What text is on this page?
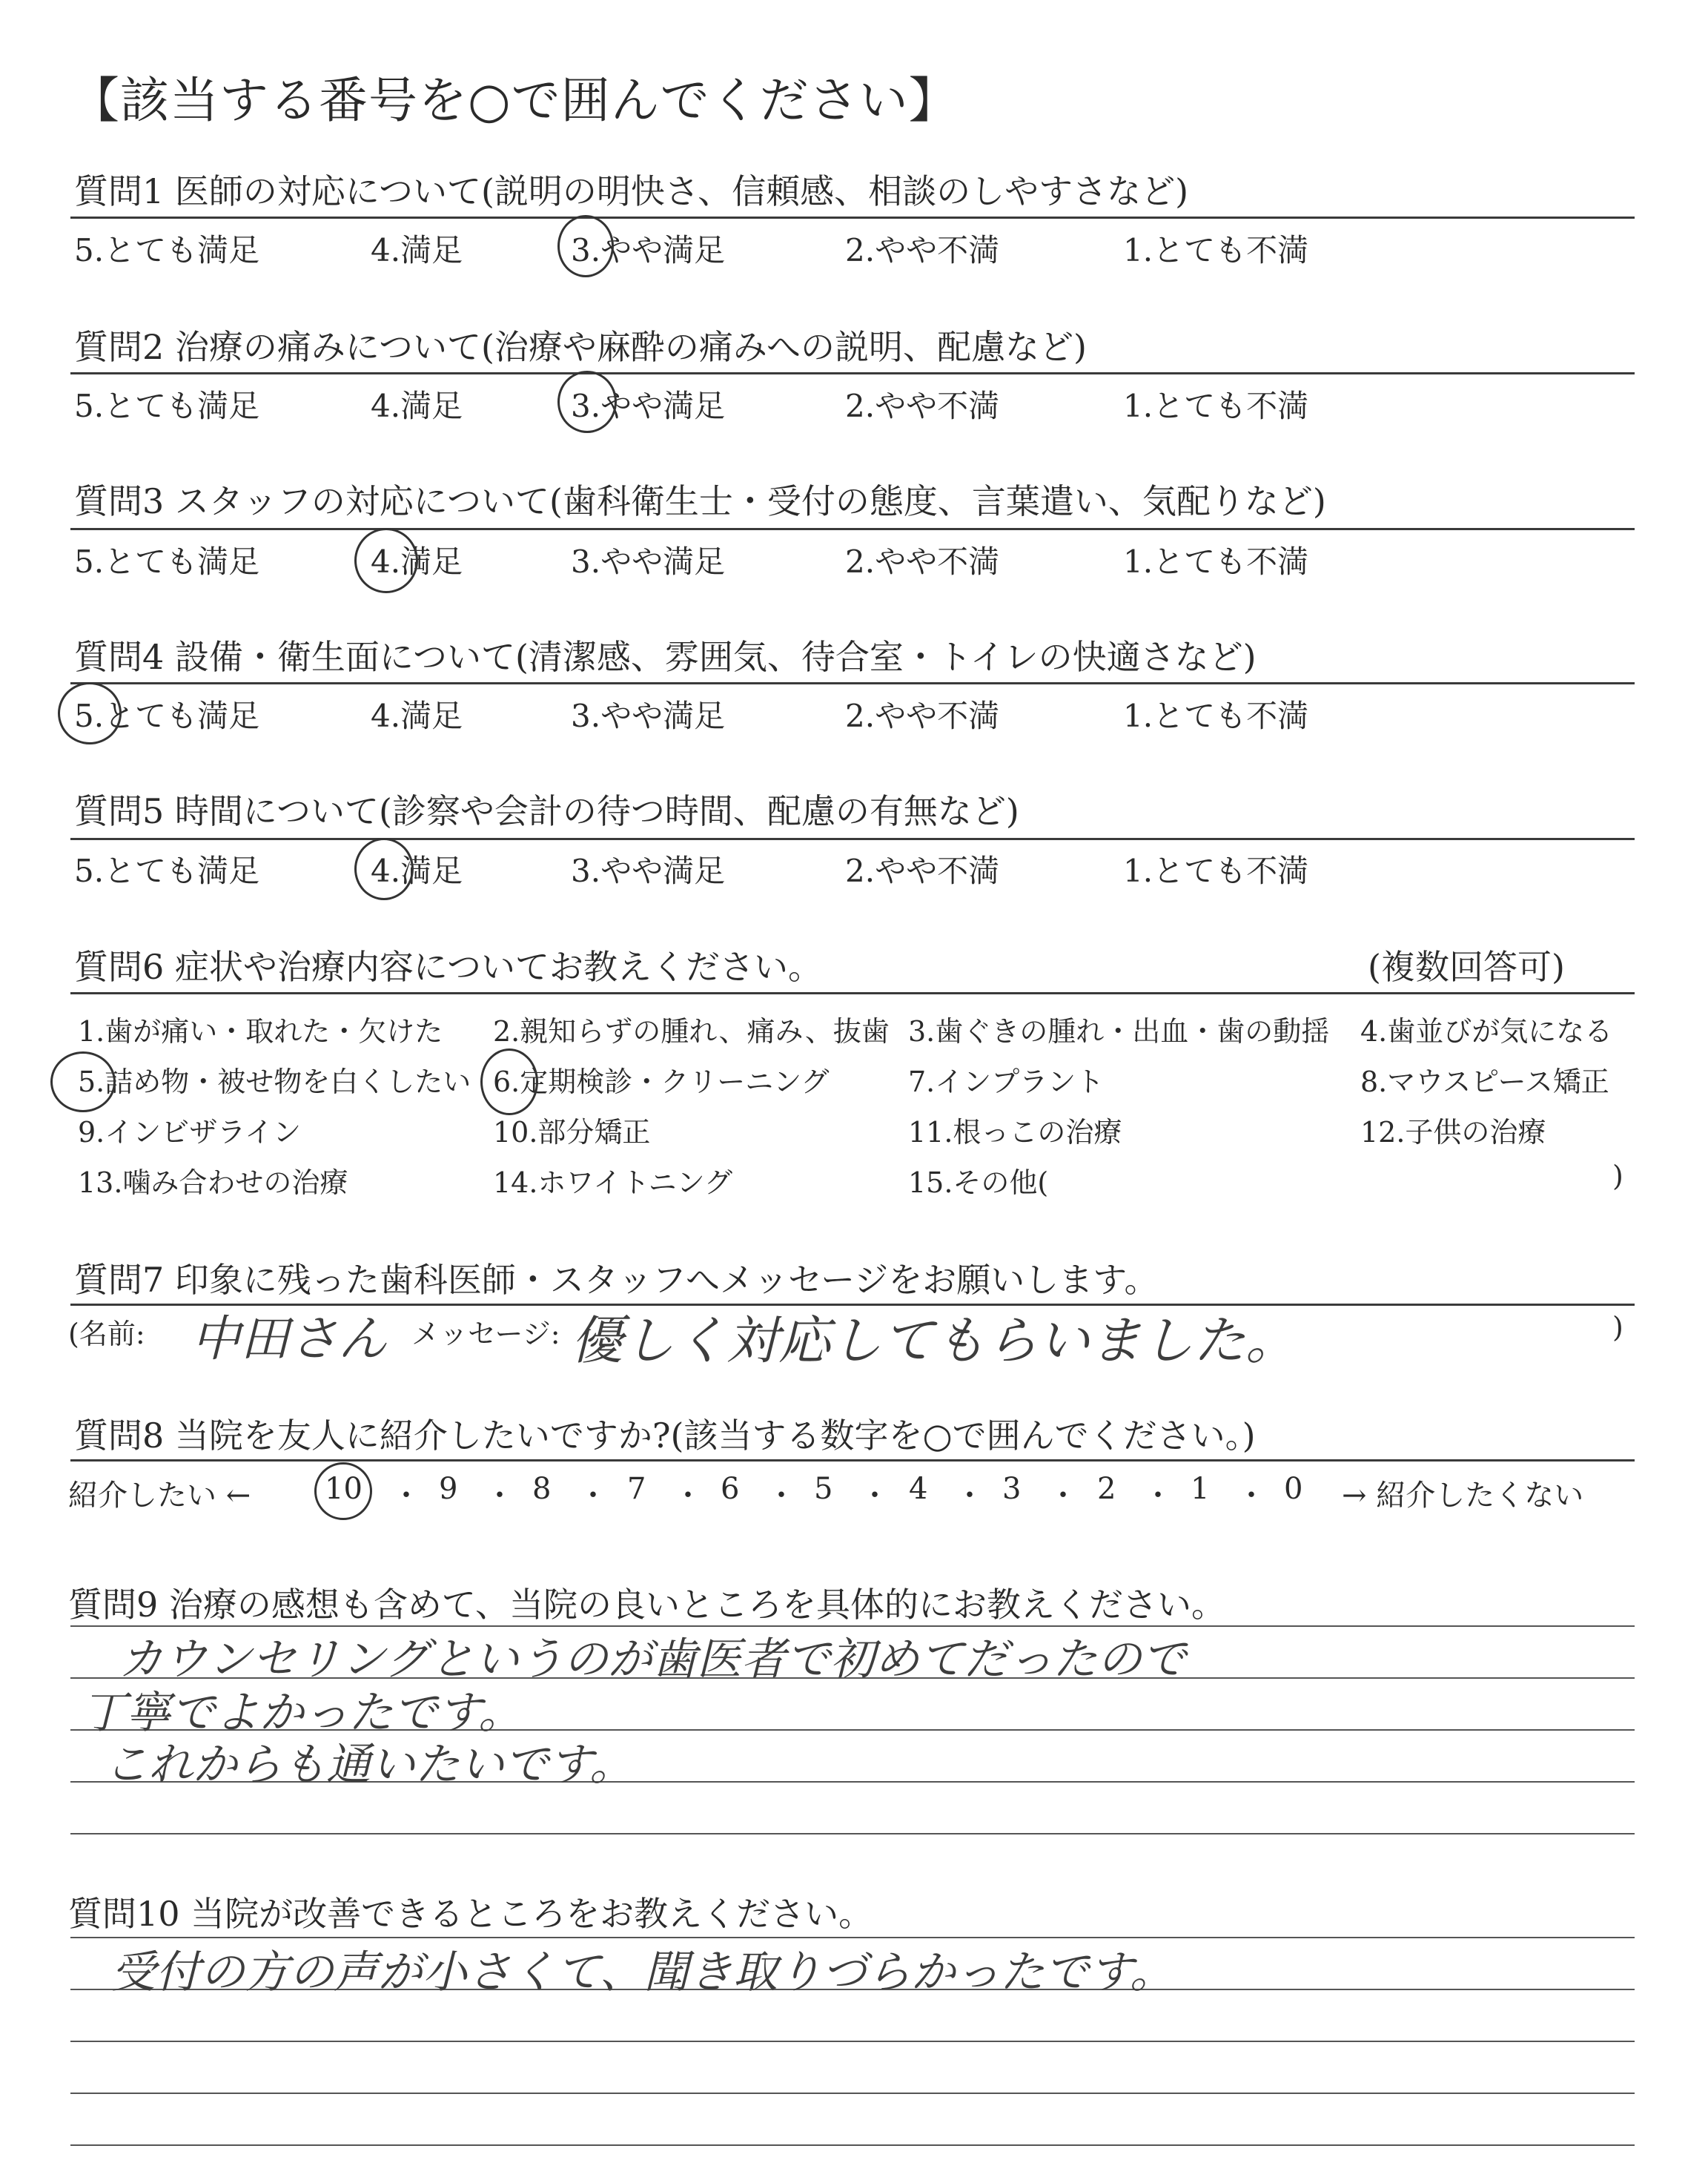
【該当する番号を○で囲んでください】
質問1 医師の対応について(説明の明快さ、信頼感、相談のしやすさなど)
5.とても満足	4.満足	3.やや満足	2.やや不満	1.とても不満
質問2 治療の痛みについて(治療や麻酔の痛みへの説明、配慮など)
5.とても満足	4.満足	3.やや満足	2.やや不満	1.とても不満
質問3 スタッフの対応について(歯科衛生士・受付の態度、言葉遣い、気配りなど)
5.とても満足	4.満足	3.やや満足	2.やや不満	1.とても不満
質問4 設備・衛生面について(清潔感、雰囲気、待合室・トイレの快適さなど)
5.とても満足	4.満足	3.やや満足	2.やや不満	1.とても不満
質問5 時間について(診察や会計の待つ時間、配慮の有無など)
5.とても満足	4.満足	3.やや満足	2.やや不満	1.とても不満
質問6 症状や治療内容についてお教えください。	(複数回答可)
1.歯が痛い・取れた・欠けた 2.親知らずの腫れ、痛み、抜歯 3.歯ぐきの腫れ・出血・歯の動揺 4.歯並びが気になる
5.詰め物・被せ物を白くしたい 6.定期検診・クリーニング	7.インプラント	8.マウスピース矯正
9.インビザライン	10.部分矯正	11.根っこの治療	12.子供の治療
13.噛み合わせの治療	14.ホワイトニング	15.その他(	)
質問7 印象に残った歯科医師・スタッフへメッセージをお願いします。
(名前: 中田さん メッセージ: 優しく対応してもらいました。	)
質問8 当院を友人に紹介したいですか?(該当する数字を○で囲んでください。)
紹介したい ← 10 ・ 9 ・ 8 ・ 7 ・ 6 ・ 5 ・ 4 ・ 3 ・ 2 ・ 1 ・ 0 → 紹介したくない
質問9 治療の感想も含めて、当院の良いところを具体的にお教えください。
カウンセリングというのが歯医者で初めてだったので
丁寧でよかったです。
これからも通いたいです。
質問10 当院が改善できるところをお教えください。
受付の方の声が小さくて、聞き取りづらかったです。
